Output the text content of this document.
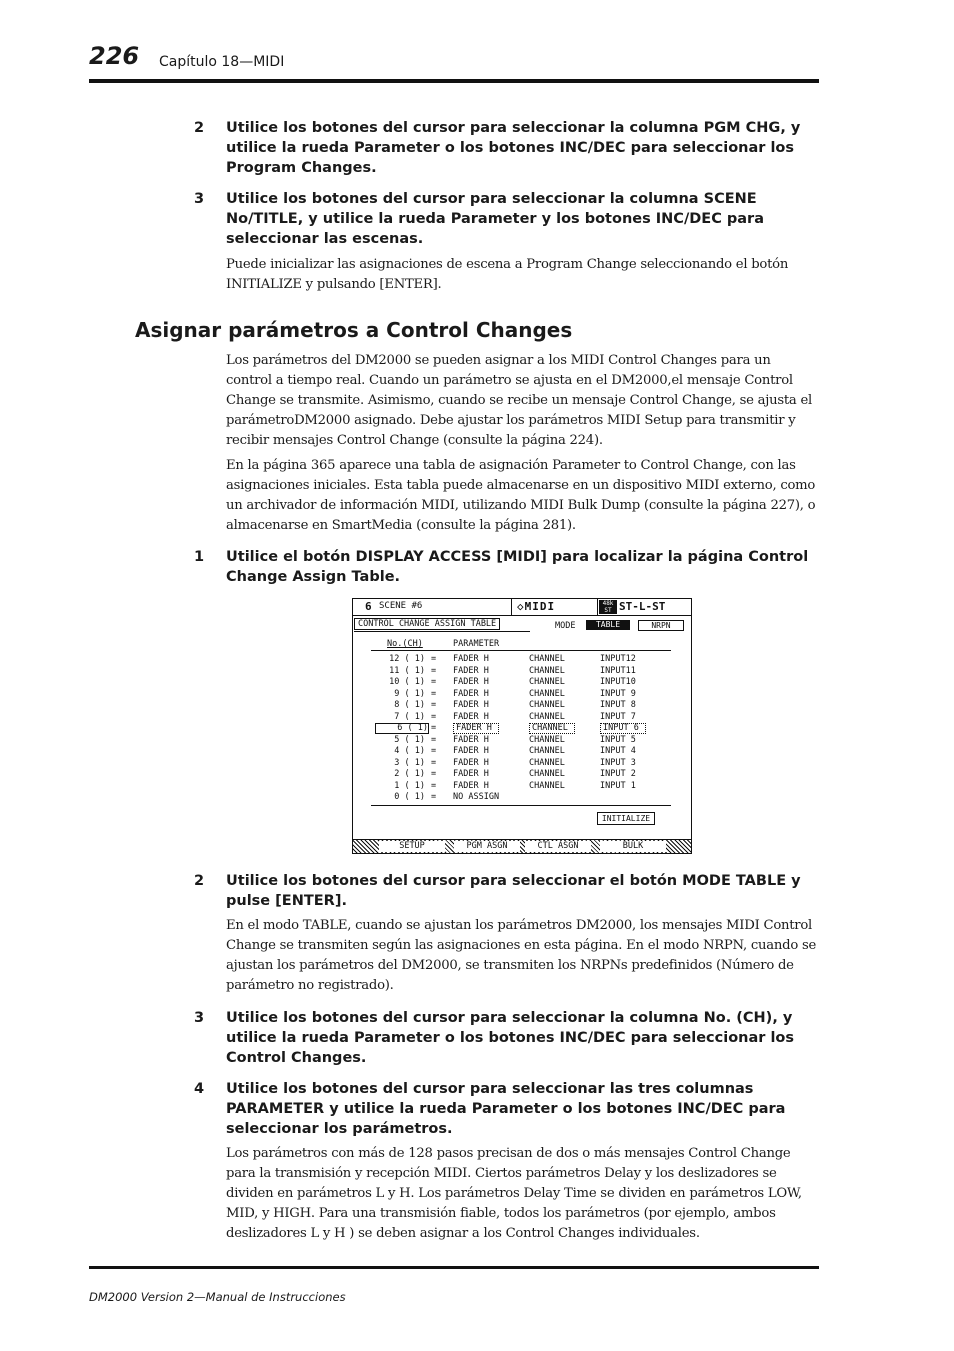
226 Capítulo 18—MIDI
2 Utilice los botones del cursor para seleccionar la columna PGM CHG, y utilice la rueda Parameter o los botones INC/DEC para seleccionar los Program Changes.
3 Utilice los botones del cursor para seleccionar la columna SCENE No/TITLE, y utilice la rueda Parameter y los botones INC/DEC para seleccionar las escenas.
Puede inicializar las asignaciones de escena a Program Change seleccionando el botón INITIALIZE y pulsando [ENTER].
Asignar parámetros a Control Changes
Los parámetros del DM2000 se pueden asignar a los MIDI Control Changes para un control a tiempo real. Cuando un parámetro se ajusta en el DM2000,el mensaje Control Change se transmite. Asimismo, cuando se recibe un mensaje Control Change, se ajusta el parámetroDM2000 asignado. Debe ajustar los parámetros MIDI Setup para transmitir y recibir mensajes Control Change (consulte la página 224).
En la página 365 aparece una tabla de asignación Parameter to Control Change, con las asignaciones iniciales. Esta tabla puede almacenarse en un dispositivo MIDI externo, como un archivador de información MIDI, utilizando MIDI Bulk Dump (consulte la página 227), o almacenarse en SmartMedia (consulte la página 281).
1 Utilice el botón DISPLAY ACCESS [MIDI] para localizar la página Control Change Assign Table.
6 SCENE #6	◇MIDI	48k ST ST-L-ST
CONTROL CHANGE ASSIGN TABLE	MODE	TABLE	NRPN
No.(CH)	PARAMETER
12 ( 1) = FADER H	CHANNEL	INPUT12
11 ( 1) = FADER H	CHANNEL	INPUT11
10 ( 1) = FADER H	CHANNEL	INPUT10
9 ( 1) = FADER H	CHANNEL	INPUT 9
8 ( 1) = FADER H	CHANNEL	INPUT 8
7 ( 1) = FADER H	CHANNEL	INPUT 7
6 ( 1) =	FADER H	CHANNEL	INPUT 6
5 ( 1) = FADER H	CHANNEL	INPUT 5
4 ( 1) = FADER H	CHANNEL	INPUT 4
3 ( 1) = FADER H	CHANNEL	INPUT 3
2 ( 1) = FADER H	CHANNEL	INPUT 2
1 ( 1) = FADER H	CHANNEL	INPUT 1
0 ( 1) = NO ASSIGN
INITIALIZE
SETUP	PGM ASGN	CTL ASGN	BULK
2 Utilice los botones del cursor para seleccionar el botón MODE TABLE y pulse [ENTER].
En el modo TABLE, cuando se ajustan los parámetros DM2000, los mensajes MIDI Control Change se transmiten según las asignaciones en esta página. En el modo NRPN, cuando se ajustan los parámetros del DM2000, se transmiten los NRPNs predefinidos (Número de parámetro no registrado).
3 Utilice los botones del cursor para seleccionar la columna No. (CH), y utilice la rueda Parameter o los botones INC/DEC para seleccionar los Control Changes.
4 Utilice los botones del cursor para seleccionar las tres columnas PARAMETER y utilice la rueda Parameter o los botones INC/DEC para seleccionar los parámetros.
Los parámetros con más de 128 pasos precisan de dos o más mensajes Control Change para la transmisión y recepción MIDI. Ciertos parámetros Delay y los deslizadores se dividen en parámetros L y H. Los parámetros Delay Time se dividen en parámetros LOW, MID, y HIGH. Para una transmisión fiable, todos los parámetros (por ejemplo, ambos deslizadores L y H ) se deben asignar a los Control Changes individuales.
DM2000 Version 2—Manual de Instrucciones
